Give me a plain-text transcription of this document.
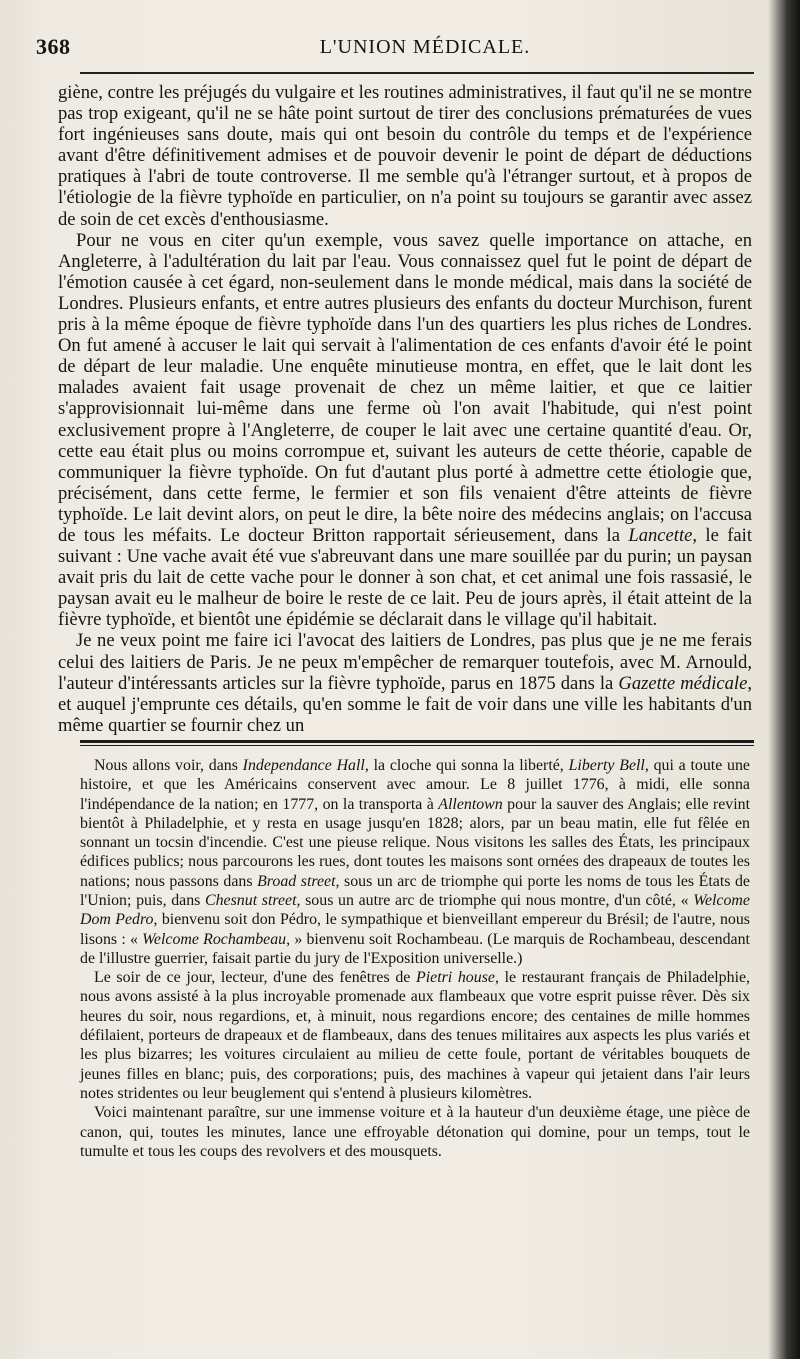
368	L'UNION MÉDICALE.

giène, contre les préjugés du vulgaire et les routines administratives, il faut qu'il ne se montre pas trop exigeant, qu'il ne se hâte point surtout de tirer des conclusions prématurées de vues fort ingénieuses sans doute, mais qui ont besoin du contrôle du temps et de l'expérience avant d'être définitivement admises et de pouvoir devenir le point de départ de déductions pratiques à l'abri de toute controverse. Il me semble qu'à l'étranger surtout, et à propos de l'étiologie de la fièvre typhoïde en particulier, on n'a point su toujours se garantir avec assez de soin de cet excès d'enthousiasme.

Pour ne vous en citer qu'un exemple, vous savez quelle importance on attache, en Angleterre, à l'adultération du lait par l'eau. Vous connaissez quel fut le point de départ de l'émotion causée à cet égard, non-seulement dans le monde médical, mais dans la société de Londres. Plusieurs enfants, et entre autres plusieurs des enfants du docteur Murchison, furent pris à la même époque de fièvre typhoïde dans l'un des quartiers les plus riches de Londres. On fut amené à accuser le lait qui servait à l'alimentation de ces enfants d'avoir été le point de départ de leur maladie. Une enquête minutieuse montra, en effet, que le lait dont les malades avaient fait usage provenait de chez un même laitier, et que ce laitier s'approvisionnait lui-même dans une ferme où l'on avait l'habitude, qui n'est point exclusivement propre à l'Angleterre, de couper le lait avec une certaine quantité d'eau. Or, cette eau était plus ou moins corrompue et, suivant les auteurs de cette théorie, capable de communiquer la fièvre typhoïde. On fut d'autant plus porté à admettre cette étiologie que, précisément, dans cette ferme, le fermier et son fils venaient d'être atteints de fièvre typhoïde. Le lait devint alors, on peut le dire, la bête noire des médecins anglais; on l'accusa de tous les méfaits. Le docteur Britton rapportait sérieusement, dans la Lancette, le fait suivant : Une vache avait été vue s'abreuvant dans une mare souillée par du purin; un paysan avait pris du lait de cette vache pour le donner à son chat, et cet animal une fois rassasié, le paysan avait eu le malheur de boire le reste de ce lait. Peu de jours après, il était atteint de la fièvre typhoïde, et bientôt une épidémie se déclarait dans le village qu'il habitait.

Je ne veux point me faire ici l'avocat des laitiers de Londres, pas plus que je ne me ferais celui des laitiers de Paris. Je ne peux m'empêcher de remarquer toutefois, avec M. Arnould, l'auteur d'intéressants articles sur la fièvre typhoïde, parus en 1875 dans la Gazette médicale, et auquel j'emprunte ces détails, qu'en somme le fait de voir dans une ville les habitants d'un même quartier se fournir chez un

Nous allons voir, dans Independance Hall, la cloche qui sonna la liberté, Liberty Bell, qui a toute une histoire, et que les Américains conservent avec amour. Le 8 juillet 1776, à midi, elle sonna l'indépendance de la nation; en 1777, on la transporta à Allentown pour la sauver des Anglais; elle revint bientôt à Philadelphie, et y resta en usage jusqu'en 1828; alors, par un beau matin, elle fut fêlée en sonnant un tocsin d'incendie. C'est une pieuse relique. Nous visitons les salles des États, les principaux édifices publics; nous parcourons les rues, dont toutes les maisons sont ornées des drapeaux de toutes les nations; nous passons dans Broad street, sous un arc de triomphe qui porte les noms de tous les États de l'Union; puis, dans Chesnut street, sous un autre arc de triomphe qui nous montre, d'un côté, « Welcome Dom Pedro, bienvenu soit don Pédro, le sympathique et bienveillant empereur du Brésil; de l'autre, nous lisons : « Welcome Rochambeau, » bienvenu soit Rochambeau. (Le marquis de Rochambeau, descendant de l'illustre guerrier, faisait partie du jury de l'Exposition universelle.)

Le soir de ce jour, lecteur, d'une des fenêtres de Pietri house, le restaurant français de Philadelphie, nous avons assisté à la plus incroyable promenade aux flambeaux que votre esprit puisse rêver. Dès six heures du soir, nous regardions, et, à minuit, nous regardions encore; des centaines de mille hommes défilaient, porteurs de drapeaux et de flambeaux, dans des tenues militaires aux aspects les plus variés et les plus bizarres; les voitures circulaient au milieu de cette foule, portant de véritables bouquets de jeunes filles en blanc; puis, des corporations; puis, des machines à vapeur qui jetaient dans l'air leurs notes stridentes ou leur beuglement qui s'entend à plusieurs kilomètres.

Voici maintenant paraître, sur une immense voiture et à la hauteur d'un deuxième étage, une pièce de canon, qui, toutes les minutes, lance une effroyable détonation qui domine, pour un temps, tout le tumulte et tous les coups des revolvers et des mousquets.
